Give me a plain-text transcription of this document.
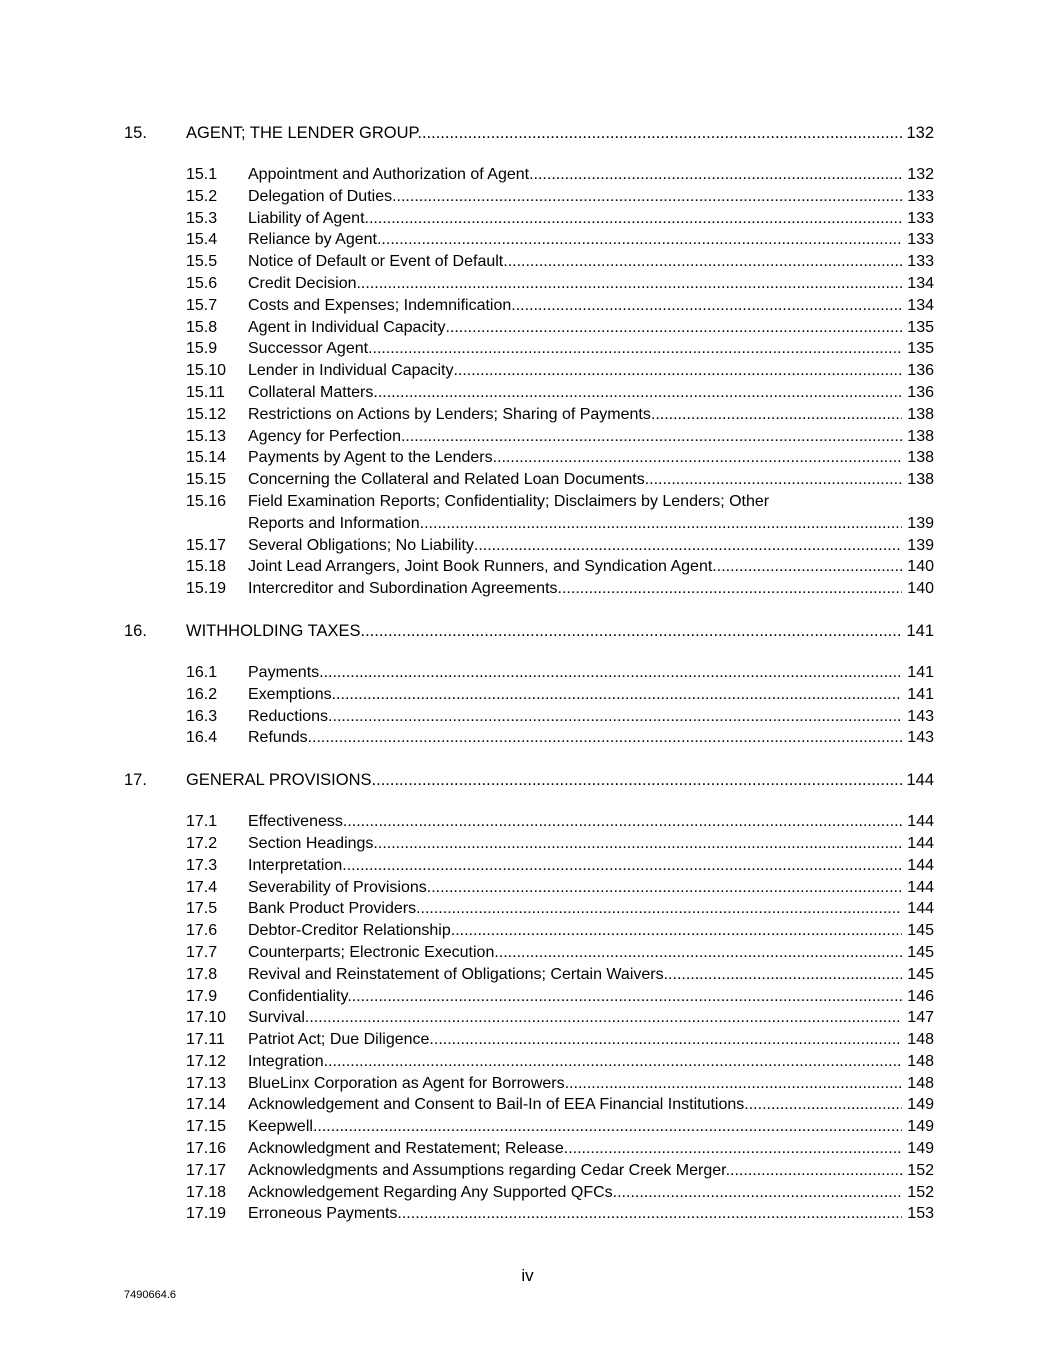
15.	AGENT; THE LENDER GROUP. .....	132
15.1	Appointment and Authorization of Agent .....	132
15.2	Delegation of Duties .....	133
15.3	Liability of Agent .....	133
15.4	Reliance by Agent .....	133
15.5	Notice of Default or Event of Default .....	133
15.6	Credit Decision .....	134
15.7	Costs and Expenses; Indemnification .....	134
15.8	Agent in Individual Capacity .....	135
15.9	Successor Agent .....	135
15.10	Lender in Individual Capacity .....	136
15.11	Collateral Matters. .....	136
15.12	Restrictions on Actions by Lenders; Sharing of Payments. .....	138
15.13	Agency for Perfection .....	138
15.14	Payments by Agent to the Lenders .....	138
15.15	Concerning the Collateral and Related Loan Documents .....	138
15.16	Field Examination Reports; Confidentiality; Disclaimers by Lenders; Other
Reports and Information .....	139
15.17	Several Obligations; No Liability .....	139
15.18	Joint Lead Arrangers, Joint Book Runners, and Syndication Agent. .....	140
15.19	Intercreditor and Subordination Agreements .....	140
16.	WITHHOLDING TAXES. .....	141
16.1	Payments .....	141
16.2	Exemptions. .....	141
16.3	Reductions. .....	143
16.4	Refunds .....	143
17.	GENERAL PROVISIONS. .....	144
17.1	Effectiveness .....	144
17.2	Section Headings .....	144
17.3	Interpretation .....	144
17.4	Severability of Provisions .....	144
17.5	Bank Product Providers .....	144
17.6	Debtor-Creditor Relationship .....	145
17.7	Counterparts; Electronic Execution .....	145
17.8	Revival and Reinstatement of Obligations; Certain Waivers. .....	145
17.9	Confidentiality. .....	146
17.10	Survival .....	147
17.11	Patriot Act; Due Diligence .....	148
17.12	Integration .....	148
17.13	BlueLinx Corporation as Agent for Borrowers .....	148
17.14	Acknowledgement and Consent to Bail-In of EEA Financial Institutions .....	149
17.15	Keepwell .....	149
17.16	Acknowledgment and Restatement; Release. .....	149
17.17	Acknowledgments and Assumptions regarding Cedar Creek Merger. .....	152
17.18	Acknowledgement Regarding Any Supported QFCs .....	152
17.19	Erroneous Payments. .....	153
iv
7490664.6
